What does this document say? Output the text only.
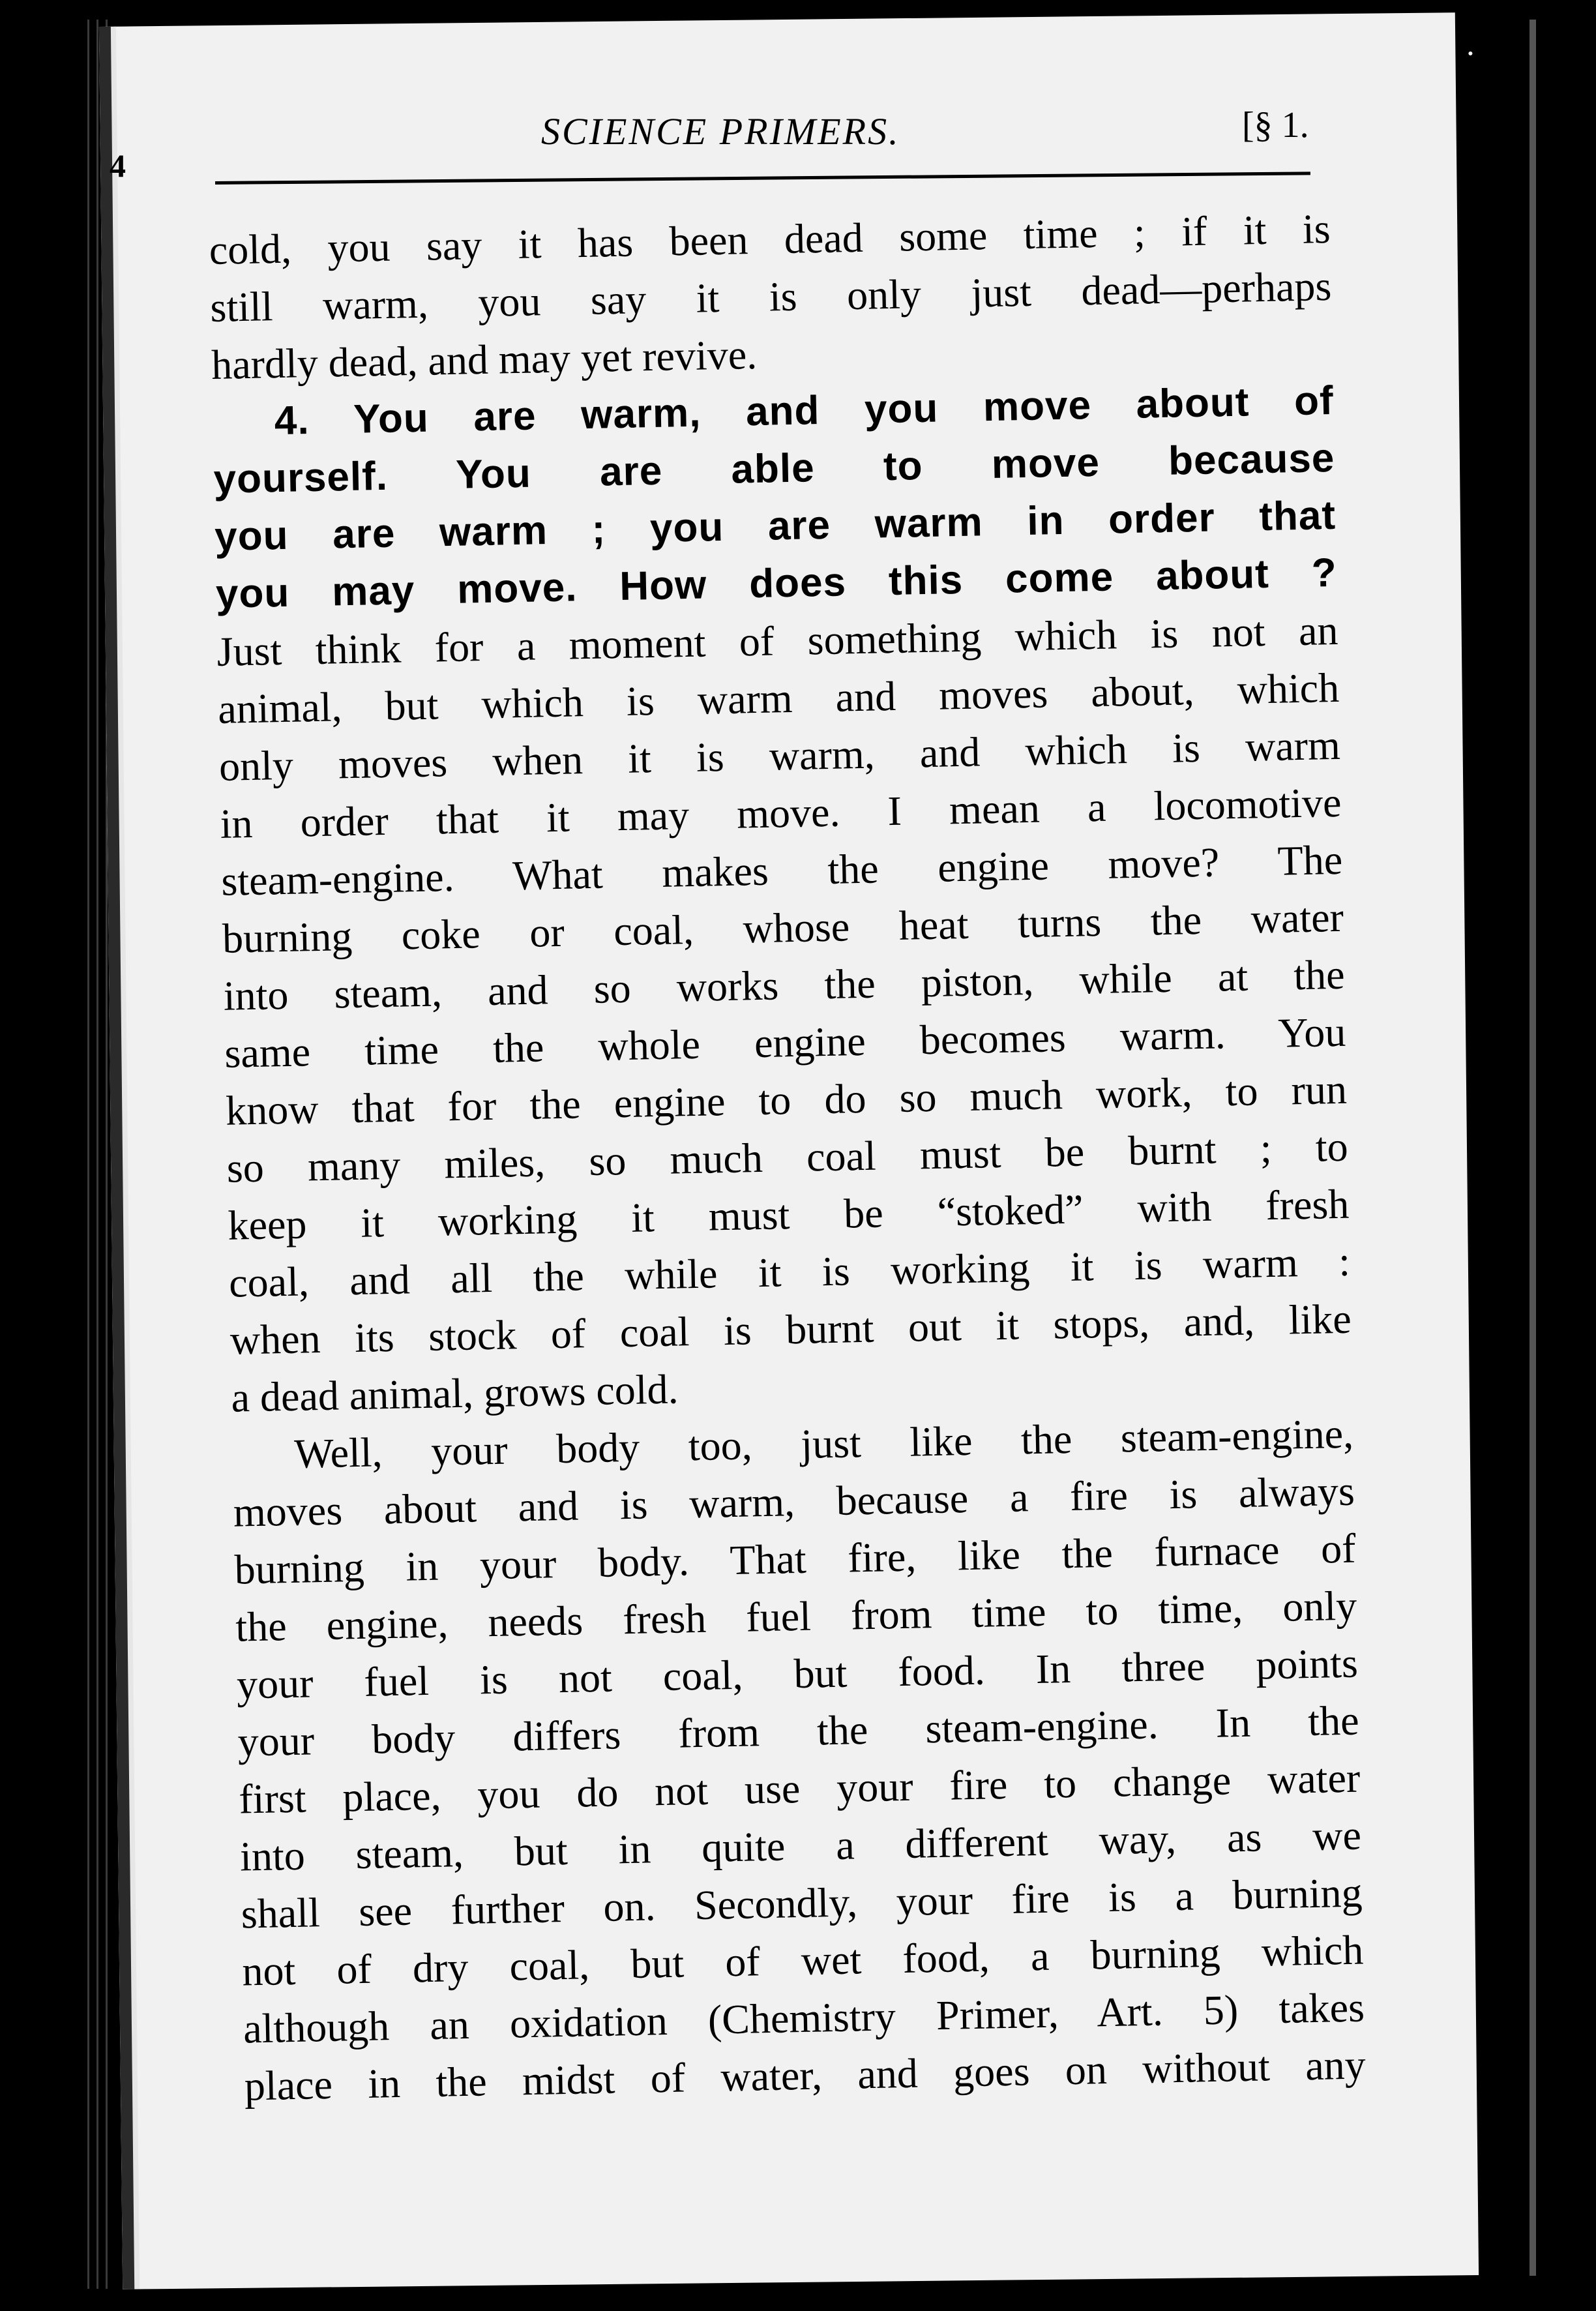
4
SCIENCE PRIMERS.	[§ 1.
cold, you say it has been dead some time ; if it is
still warm, you say it is only just dead—perhaps
hardly dead, and may yet revive.
4. You are warm, and you move about of
yourself. You are able to move because
you are warm ; you are warm in order that
you may move. How does this come about ?
Just think for a moment of something which is not an
animal, but which is warm and moves about, which
only moves when it is warm, and which is warm
in order that it may move. I mean a locomotive
steam-engine. What makes the engine move? The
burning coke or coal, whose heat turns the water
into steam, and so works the piston, while at the
same time the whole engine becomes warm. You
know that for the engine to do so much work, to run
so many miles, so much coal must be burnt ; to
keep it working it must be “stoked” with fresh
coal, and all the while it is working it is warm :
when its stock of coal is burnt out it stops, and, like
a dead animal, grows cold.
Well, your body too, just like the steam-engine,
moves about and is warm, because a fire is always
burning in your body. That fire, like the furnace of
the engine, needs fresh fuel from time to time, only
your fuel is not coal, but food. In three points
your body differs from the steam-engine. In the
first place, you do not use your fire to change water
into steam, but in quite a different way, as we
shall see further on. Secondly, your fire is a burning
not of dry coal, but of wet food, a burning which
although an oxidation (Chemistry Primer, Art. 5) takes
place in the midst of water, and goes on without any
